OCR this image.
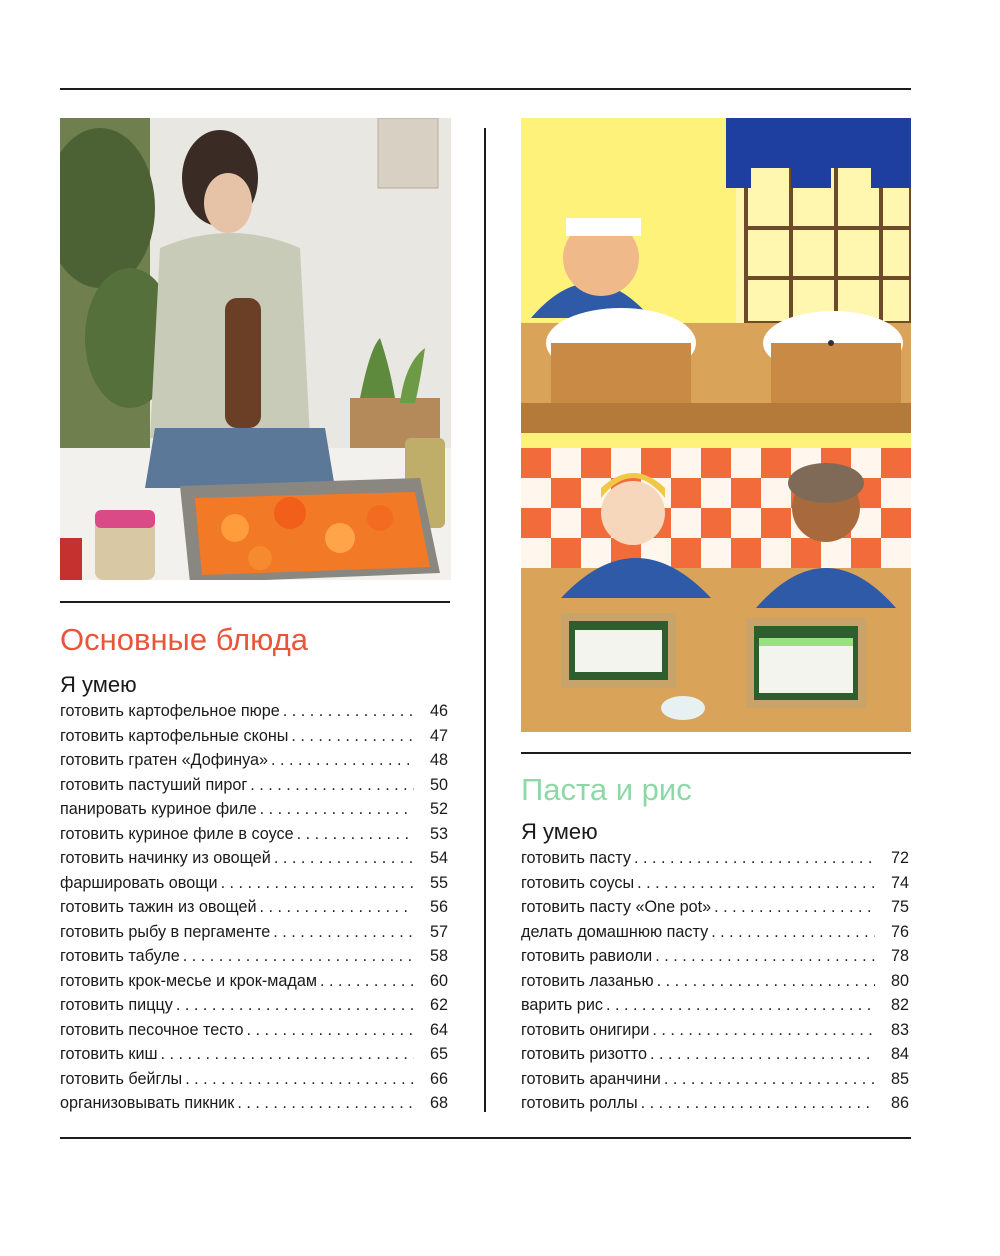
Основные блюда
Я умею
готовить картофельное пюре . . .	46
готовить картофельные сконы . . .	47
готовить гратен «Дофинуа» . . .	48
готовить пастуший пирог . . .	50
панировать куриное филе . . .	52
готовить куриное филе в соусе . . .	53
готовить начинку из овощей . . .	54
фаршировать овощи . . .	55
готовить тажин из овощей . . .	56
готовить рыбу в пергаменте . . .	57
готовить табуле . . .	58
готовить крок-месье и крок-мадам . . .	60
готовить пиццу . . .	62
готовить песочное тесто . . .	64
готовить киш . . .	65
готовить бейглы . . .	66
организовывать пикник . . .	68
Паста и рис
Я умею
готовить пасту . . .	72
готовить соусы . . .	74
готовить пасту «One pot» . . .	75
делать домашнюю пасту . . .	76
готовить равиоли . . .	78
готовить лазанью . . .	80
варить рис . . .	82
готовить онигири . . .	83
готовить ризотто . . .	84
готовить аранчини . . .	85
готовить роллы . . .	86
